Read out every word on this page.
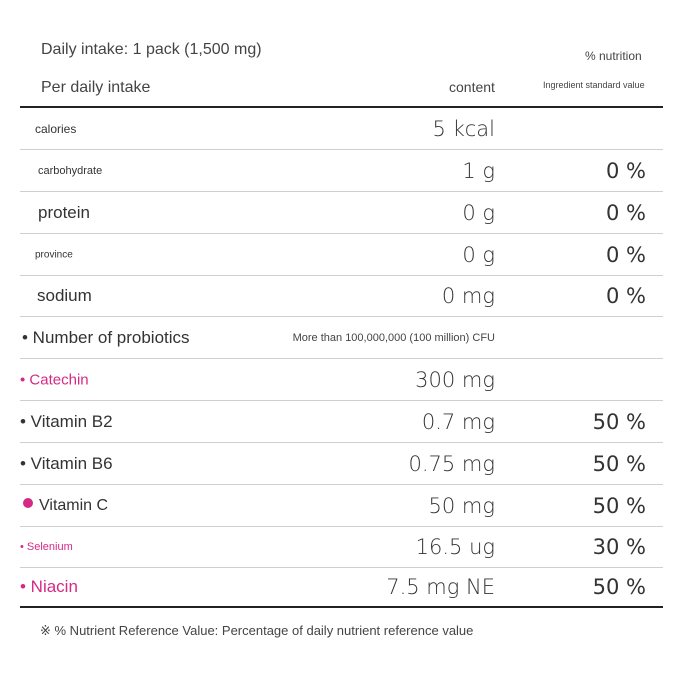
Daily intake: 1 pack (1,500 mg)
Per daily intake	content
% nutrition
Ingredient standard value
calories	5 kcal
carbohydrate	1 g	0 %
protein	0 g	0 %
province	0 g	0 %
sodium	0 mg	0 %
• Number of probiotics	More than 100,000,000 (100 million) CFU
• Catechin	300 mg
• Vitamin B2	0.7 mg	50 %
• Vitamin B6	0.75 mg	50 %
Vitamin C	50 mg	50 %
• Selenium	16.5 ug	30 %
• Niacin	7.5 mg NE	50 %
※ % Nutrient Reference Value: Percentage of daily nutrient reference value
